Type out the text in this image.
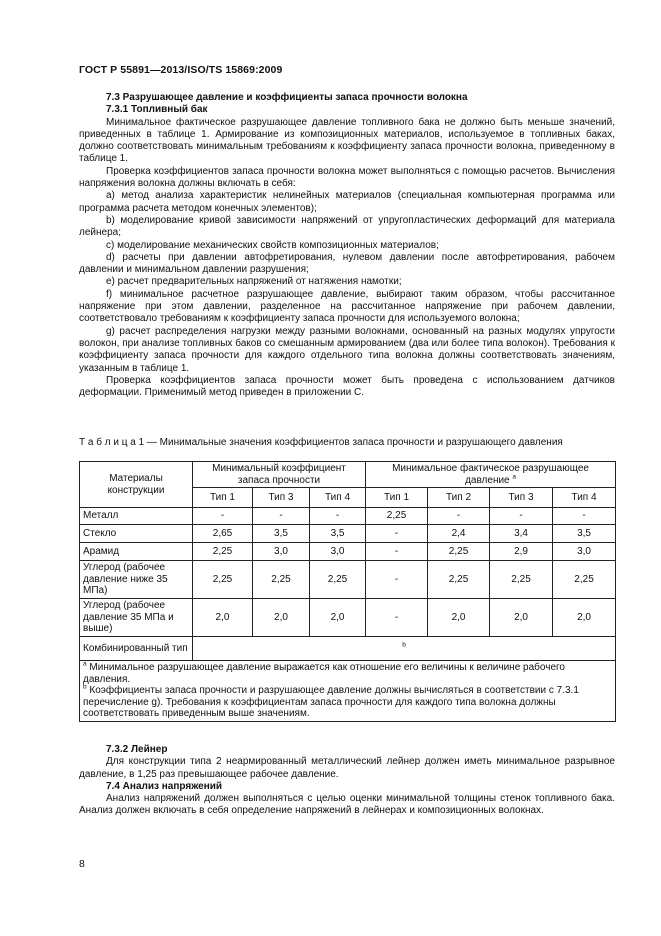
ГОСТ Р 55891—2013/ISO/TS 15869:2009

7.3 Разрушающее давление и коэффициенты запаса прочности волокна

7.3.1 Топливный бак

Минимальное фактическое разрушающее давление топливного бака не должно быть меньше значений, приведенных в таблице 1. Армирование из композиционных материалов, используемое в топливных баках, должно соответствовать минимальным требованиям к коэффициенту запаса прочности волокна, приведенному в таблице 1.

Проверка коэффициентов запаса прочности волокна может выполняться с помощью расчетов. Вычисления напряжения волокна должны включать в себя:

a) метод анализа характеристик нелинейных материалов (специальная компьютерная программа или программа расчета методом конечных элементов);

b) моделирование кривой зависимости напряжений от упругопластических деформаций для материала лейнера;

c) моделирование механических свойств композиционных материалов;

d) расчеты при давлении автофретирования, нулевом давлении после автофретирования, рабочем давлении и минимальном давлении разрушения;

e) расчет предварительных напряжений от натяжения намотки;

f) минимальное расчетное разрушающее давление, выбирают таким образом, чтобы рассчитанное напряжение при этом давлении, разделенное на рассчитанное напряжение при рабочем давлении, соответствовало требованиям к коэффициенту запаса прочности для используемого волокна;

g) расчет распределения нагрузки между разными волокнами, основанный на разных модулях упругости волокон, при анализе топливных баков со смешанным армированием (два или более типа волокон). Требования к коэффициенту запаса прочности для каждого отдельного типа волокна должны соответствовать значениям, указанным в таблице 1.

Проверка коэффициентов запаса прочности может быть проведена с использованием датчиков деформации. Применимый метод приведен в приложении С.

Т а б л и ц а 1 — Минимальные значения коэффициентов запаса прочности и разрушающего давления
Материалы конструкции	Минимальный коэффициент запаса прочности			Минимальное фактическое разрушающее давление $^a$
	Тип 1	Тип 3	Тип 4	Тип 1	Тип 2	Тип 3	Тип 4
Металл	-	-	-	2,25	-	-	-
Стекло	2,65	3,5	3,5	-	2,4	3,4	3,5
Арамид	2,25	3,0	3,0	-	2,25	2,9	3,0
Углерод (рабочее давление ниже 35 МПа)	2,25	2,25	2,25	-	2,25	2,25	2,25
Углерод (рабочее давление 35 МПа и выше)	2,0	2,0	2,0	-	2,0	2,0	2,0
Комбинированный тип	$^b$

$^a$ Минимальное разрушающее давление выражается как отношение его величины к величине рабочего давления.
$^b$ Коэффициенты запаса прочности и разрушающее давление должны вычисляться в соответствии с 7.3.1 перечисление g). Требования к коэффициентам запаса прочности для каждого типа волокна должны соответствовать приведенным выше значениям.							

7.3.2 Лейнер

Для конструкции типа 2 неармированный металлический лейнер должен иметь минимальное разрывное давление, в 1,25 раз превышающее рабочее давление.

7.4 Анализ напряжений

Анализ напряжений должен выполняться с целью оценки минимальной толщины стенок топливного бака. Анализ должен включать в себя определение напряжений в лейнерах и композиционных волокнах.

8
